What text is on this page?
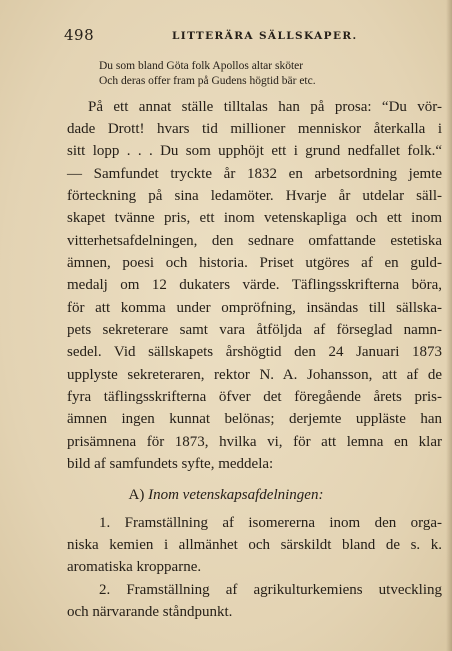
498	LITTERÄRA SÄLLSKAPER.
Du som bland Göta folk Apollos altar sköter
Och deras offer fram på Gudens högtid bär etc.
På ett annat ställe tilltalas han på prosa: “Du vör-
dade Drott! hvars tid millioner menniskor återkalla i
sitt lopp . . . Du som upphöjt ett i grund nedfallet folk.“
— Samfundet tryckte år 1832 en arbetsordning jemte
förteckning på sina ledamöter. Hvarje år utdelar säll-
skapet tvänne pris, ett inom vetenskapliga och ett inom
vitterhetsafdelningen, den sednare omfattande estetiska
ämnen, poesi och historia. Priset utgöres af en guld-
medalj om 12 dukaters värde. Täflingsskrifterna böra,
för att komma under ompröfning, insändas till sällska-
pets sekreterare samt vara åtföljda af förseglad namn-
sedel. Vid sällskapets årshögtid den 24 Januari 1873
upplyste sekreteraren, rektor N. A. Johansson, att af de
fyra täflingsskrifterna öfver det föregående årets pris-
ämnen ingen kunnat belönas; derjemte uppläste han
prisämnena för 1873, hvilka vi, för att lemna en klar
bild af samfundets syfte, meddela:
A) Inom vetenskapsafdelningen:
1. Framställning af isomererna inom den orga-
niska kemien i allmänhet och särskildt bland de s. k.
aromatiska kropparne.
2. Framställning af agrikulturkemiens utveckling
och närvarande ståndpunkt.
